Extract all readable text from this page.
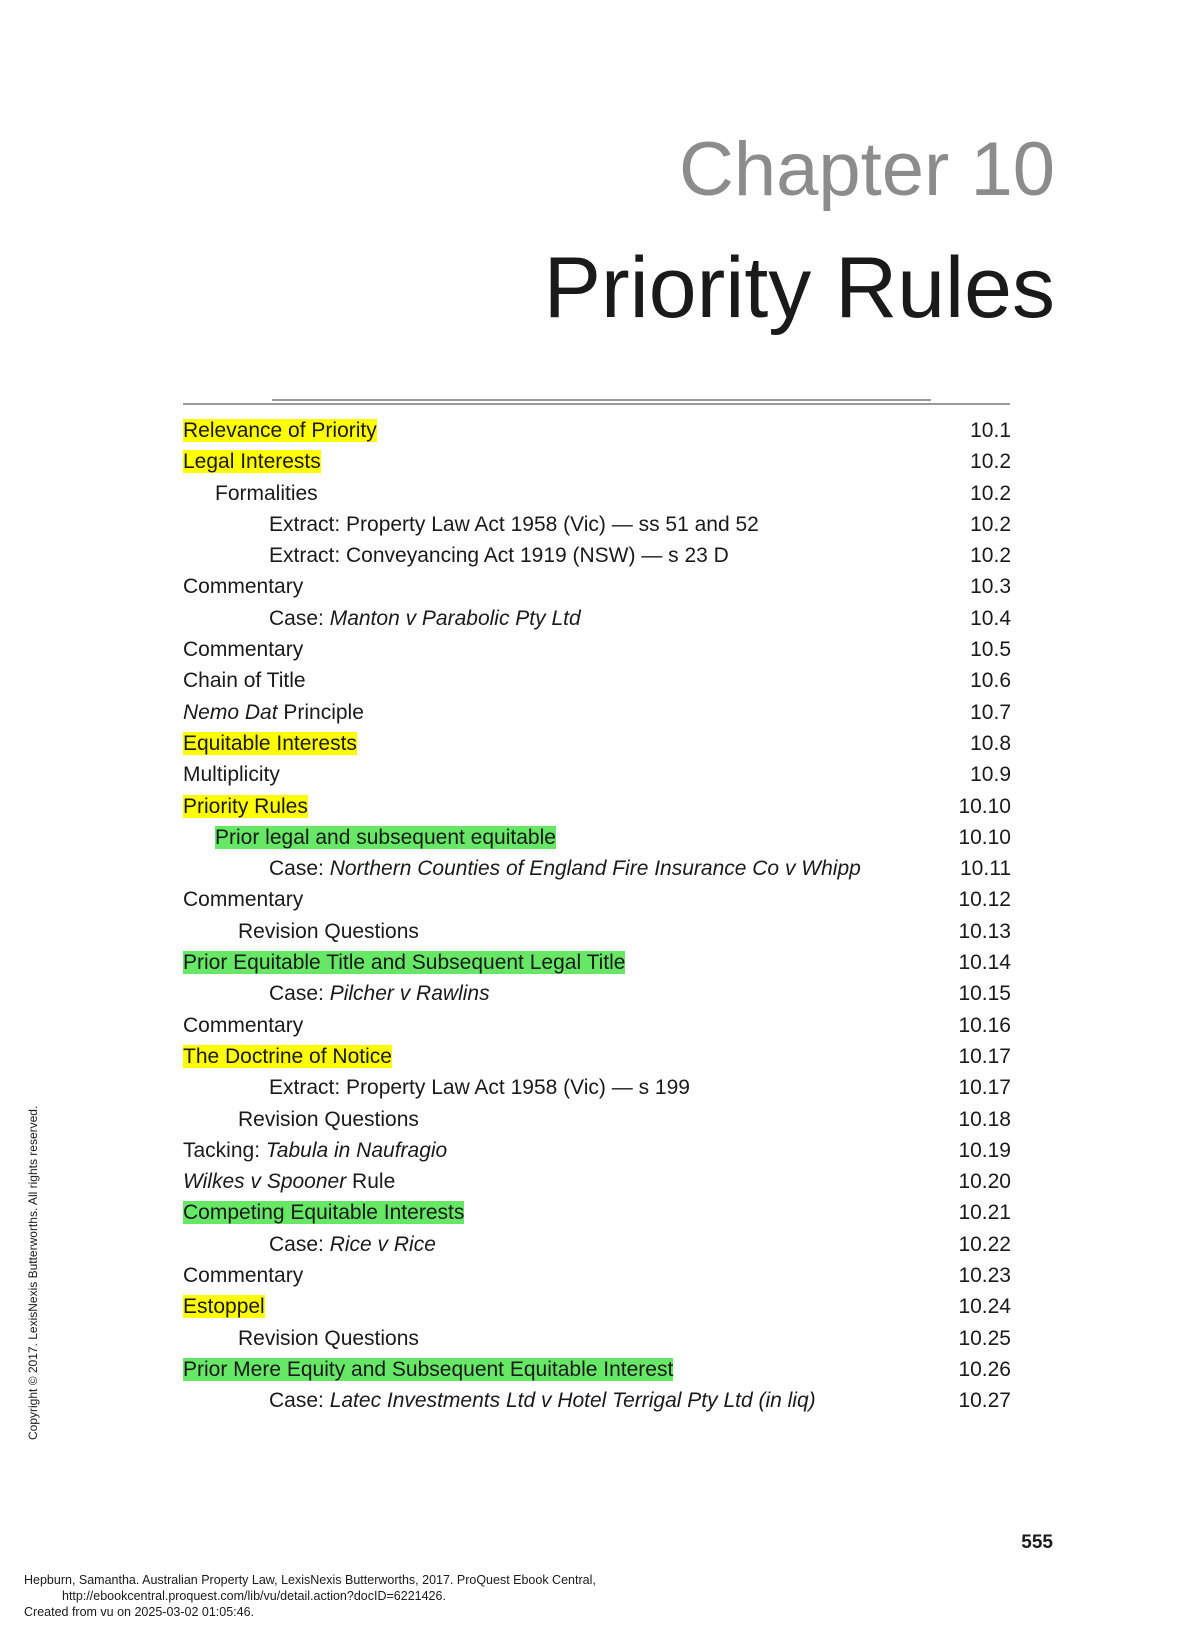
Chapter 10
Priority Rules
Relevance of Priority	10.1
Legal Interests	10.2
Formalities	10.2
Extract: Property Law Act 1958 (Vic) — ss 51 and 52	10.2
Extract: Conveyancing Act 1919 (NSW) — s 23 D	10.2
Commentary	10.3
Case: Manton v Parabolic Pty Ltd	10.4
Commentary	10.5
Chain of Title	10.6
Nemo Dat Principle	10.7
Equitable Interests	10.8
Multiplicity	10.9
Priority Rules	10.10
Prior legal and subsequent equitable	10.10
Case: Northern Counties of England Fire Insurance Co v Whipp	10.11
Commentary	10.12
Revision Questions	10.13
Prior Equitable Title and Subsequent Legal Title	10.14
Case: Pilcher v Rawlins	10.15
Commentary	10.16
The Doctrine of Notice	10.17
Extract: Property Law Act 1958 (Vic) — s 199	10.17
Revision Questions	10.18
Tacking: Tabula in Naufragio	10.19
Wilkes v Spooner Rule	10.20
Competing Equitable Interests	10.21
Case: Rice v Rice	10.22
Commentary	10.23
Estoppel	10.24
Revision Questions	10.25
Prior Mere Equity and Subsequent Equitable Interest	10.26
Case: Latec Investments Ltd v Hotel Terrigal Pty Ltd (in liq)	10.27
555
Copyright © 2017. LexisNexis Butterworths. All rights reserved.
Hepburn, Samantha. Australian Property Law, LexisNexis Butterworths, 2017. ProQuest Ebook Central,
http://ebookcentral.proquest.com/lib/vu/detail.action?docID=6221426.
Created from vu on 2025-03-02 01:05:46.
